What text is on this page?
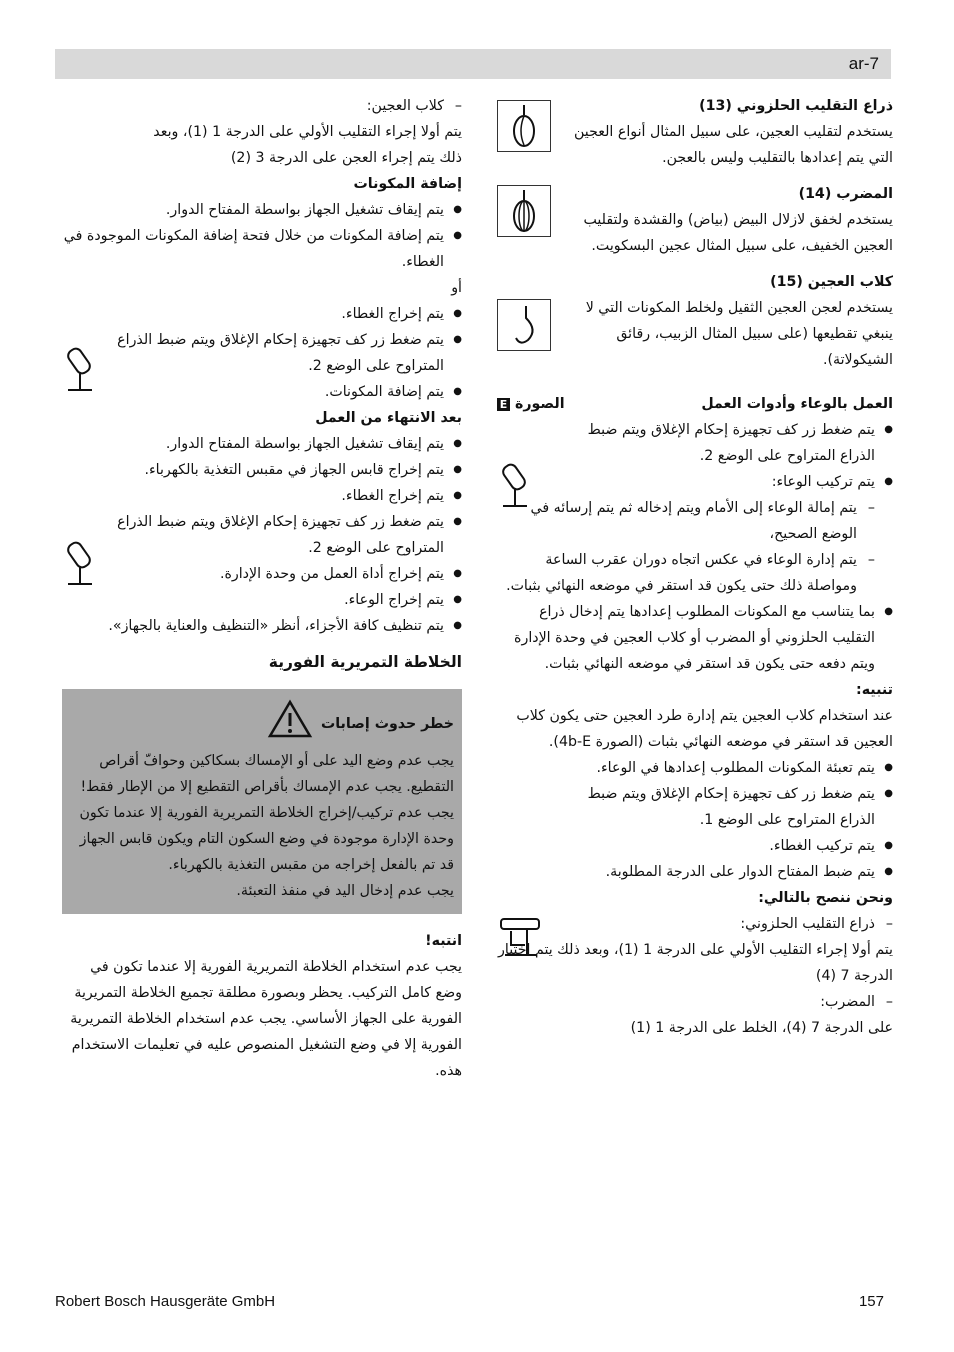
ar-7

ذراع التقليب الحلزوني (13)

يستخدم لتقليب العجين، على سبيل المثال أنواع العجين التي يتم إعدادها بالتقليب وليس بالعجن.

المضرب (14)

يستخدم لخفق لازلال البيض (بياض) والقشدة ولتقليب العجين الخفيف، على سبيل المثال عجين البسكويت.

كلاب العجين (15)

يستخدم لعجن العجين الثقيل ولخلط المكونات التي لا ينبغي تقطيعها (على سبيل المثال الزبيب، رقائق الشيكولاتة).

العمل بالوعاء وأدوات العمل
E الصورة

● يتم ضغط زر كف تجهيزة إحكام الإغلاق ويتم ضبط الذراع المتراوح على الوضع 2.

● يتم تركيب الوعاء:

– يتم إمالة الوعاء إلى الأمام ويتم إدخاله ثم يتم إرسائه في الوضع الصحيح،

– يتم إدارة الوعاء في عكس اتجاه دوران عقرب الساعة ومواصلة ذلك حتى يكون قد استقر في موضعه النهائي بثبات.

● بما يتناسب مع المكونات المطلوب إعدادها يتم إدخال ذراع التقليب الحلزوني أو المضرب أو كلاب العجين في وحدة الإدارة ويتم دفعه حتى يكون قد استقر في موضعه النهائي بثبات.

تنبيه:

عند استخدام كلاب العجين يتم إدارة طرد العجين حتى يكون كلاب العجين قد استقر في موضعه النهائي بثبات (الصورة 4b-E).

● يتم تعبئة المكونات المطلوب إعدادها في الوعاء.

● يتم ضغط زر كف تجهيزة إحكام الإغلاق ويتم ضبط الذراع المتراوح على الوضع 1.

● يتم تركيب الغطاء.

● يتم ضبط المفتاح الدوار على الدرجة المطلوبة.

ونحن ننصح بالتالي:

– ذراع التقليب الحلزوني:

يتم أولا إجراء التقليب الأولي على الدرجة 1 (1)، وبعد ذلك يتم اختيار الدرجة 7 (4)

– المضرب:

على الدرجة 7 (4)، الخلط على الدرجة 1 (1)

– كلاب العجين:

يتم أولا إجراء التقليب الأولي على الدرجة 1 (1)، وبعد

ذلك يتم إجراء العجن على الدرجة 3 (2)

إضافة المكونات

● يتم إيقاف تشغيل الجهاز بواسطة المفتاح الدوار.

● يتم إضافة المكونات من خلال فتحة إضافة المكونات الموجودة في الغطاء.

أو

● يتم إخراج الغطاء.

● يتم ضغط زر كف تجهيزة إحكام الإغلاق ويتم ضبط الذراع المتراوح على الوضع 2.

● يتم إضافة المكونات.

بعد الانتهاء من العمل

● يتم إيقاف تشغيل الجهاز بواسطة المفتاح الدوار.

● يتم إخراج قابس الجهاز في مقبس التغذية بالكهرباء.

● يتم إخراج الغطاء.

● يتم ضغط زر كف تجهيزة إحكام الإغلاق ويتم ضبط الذراع المتراوح على الوضع 2.

● يتم إخراج أداة العمل من وحدة الإدارة.

● يتم إخراج الوعاء.

● يتم تنظيف كافة الأجزاء، أنظر «التنظيف والعناية بالجهاز».

الخلاطة التمريرية الفورية

خطر حدوث إصابات

يجب عدم وضع اليد على أو الإمساك بسكاكين وحوافّ أقراص التقطيع. يجب عدم الإمساك بأقراص التقطيع إلا من الإطار فقط!

يجب عدم تركيب/إخراج الخلاطة التمريرية الفورية إلا عندما تكون وحدة الإدارة موجودة في وضع السكون التام ويكون قابس الجهاز قد تم بالفعل إخراجه من مقبس التغذية بالكهرباء.

يجب عدم إدخال اليد في منفذ التعبئة.

انتبه!

يجب عدم استخدام الخلاطة التمريرية الفورية إلا عندما تكون في وضع كامل التركيب. يحظر وبصورة مطلقة تجميع الخلاطة التمريرية الفورية على الجهاز الأساسي. يجب عدم استخدام الخلاطة التمريرية الفورية إلا في وضع التشغيل المنصوص عليه في تعليمات الاستخدام هذه.

Robert Bosch Hausgeräte GmbH	157
